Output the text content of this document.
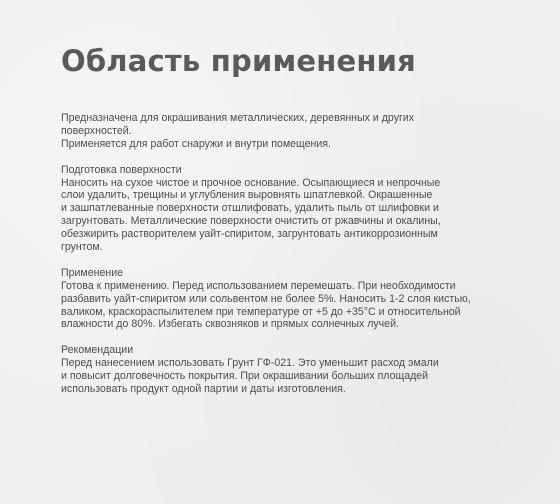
Область применения

Предназначена для окрашивания металлических, деревянных и других
поверхностей.
Применяется для работ снаружи и внутри помещения.

Подготовка поверхности

Наносить на сухое чистое и прочное основание. Осыпающиеся и непрочные
слои удалить, трещины и углубления выровнять шпатлевкой. Окрашенные
и зашпатлеванные поверхности отшлифовать, удалить пыль от шлифовки и
загрунтовать. Металлические поверхности очистить от ржавчины и окалины,
обезжирить растворителем уайт-спиритом, загрунтовать антикоррозионным
грунтом.

Применение

Готова к применению. Перед использованием перемешать. При необходимости
разбавить уайт-спиритом или сольвентом не более 5%. Наносить 1-2 слоя кистью,
вaликом, краскораспылителем при температуре от +5 до +35°С и относительной
влажности до 80%. Избегать сквозняков и прямых солнечных лучей.

Рекомендации

Перед нанесением использовать Грунт ГФ-021. Это уменьшит расход эмали
и повысит долговечность покрытия. При окрашивании больших площадей
использовать продукт одной партии и даты изготовления.
